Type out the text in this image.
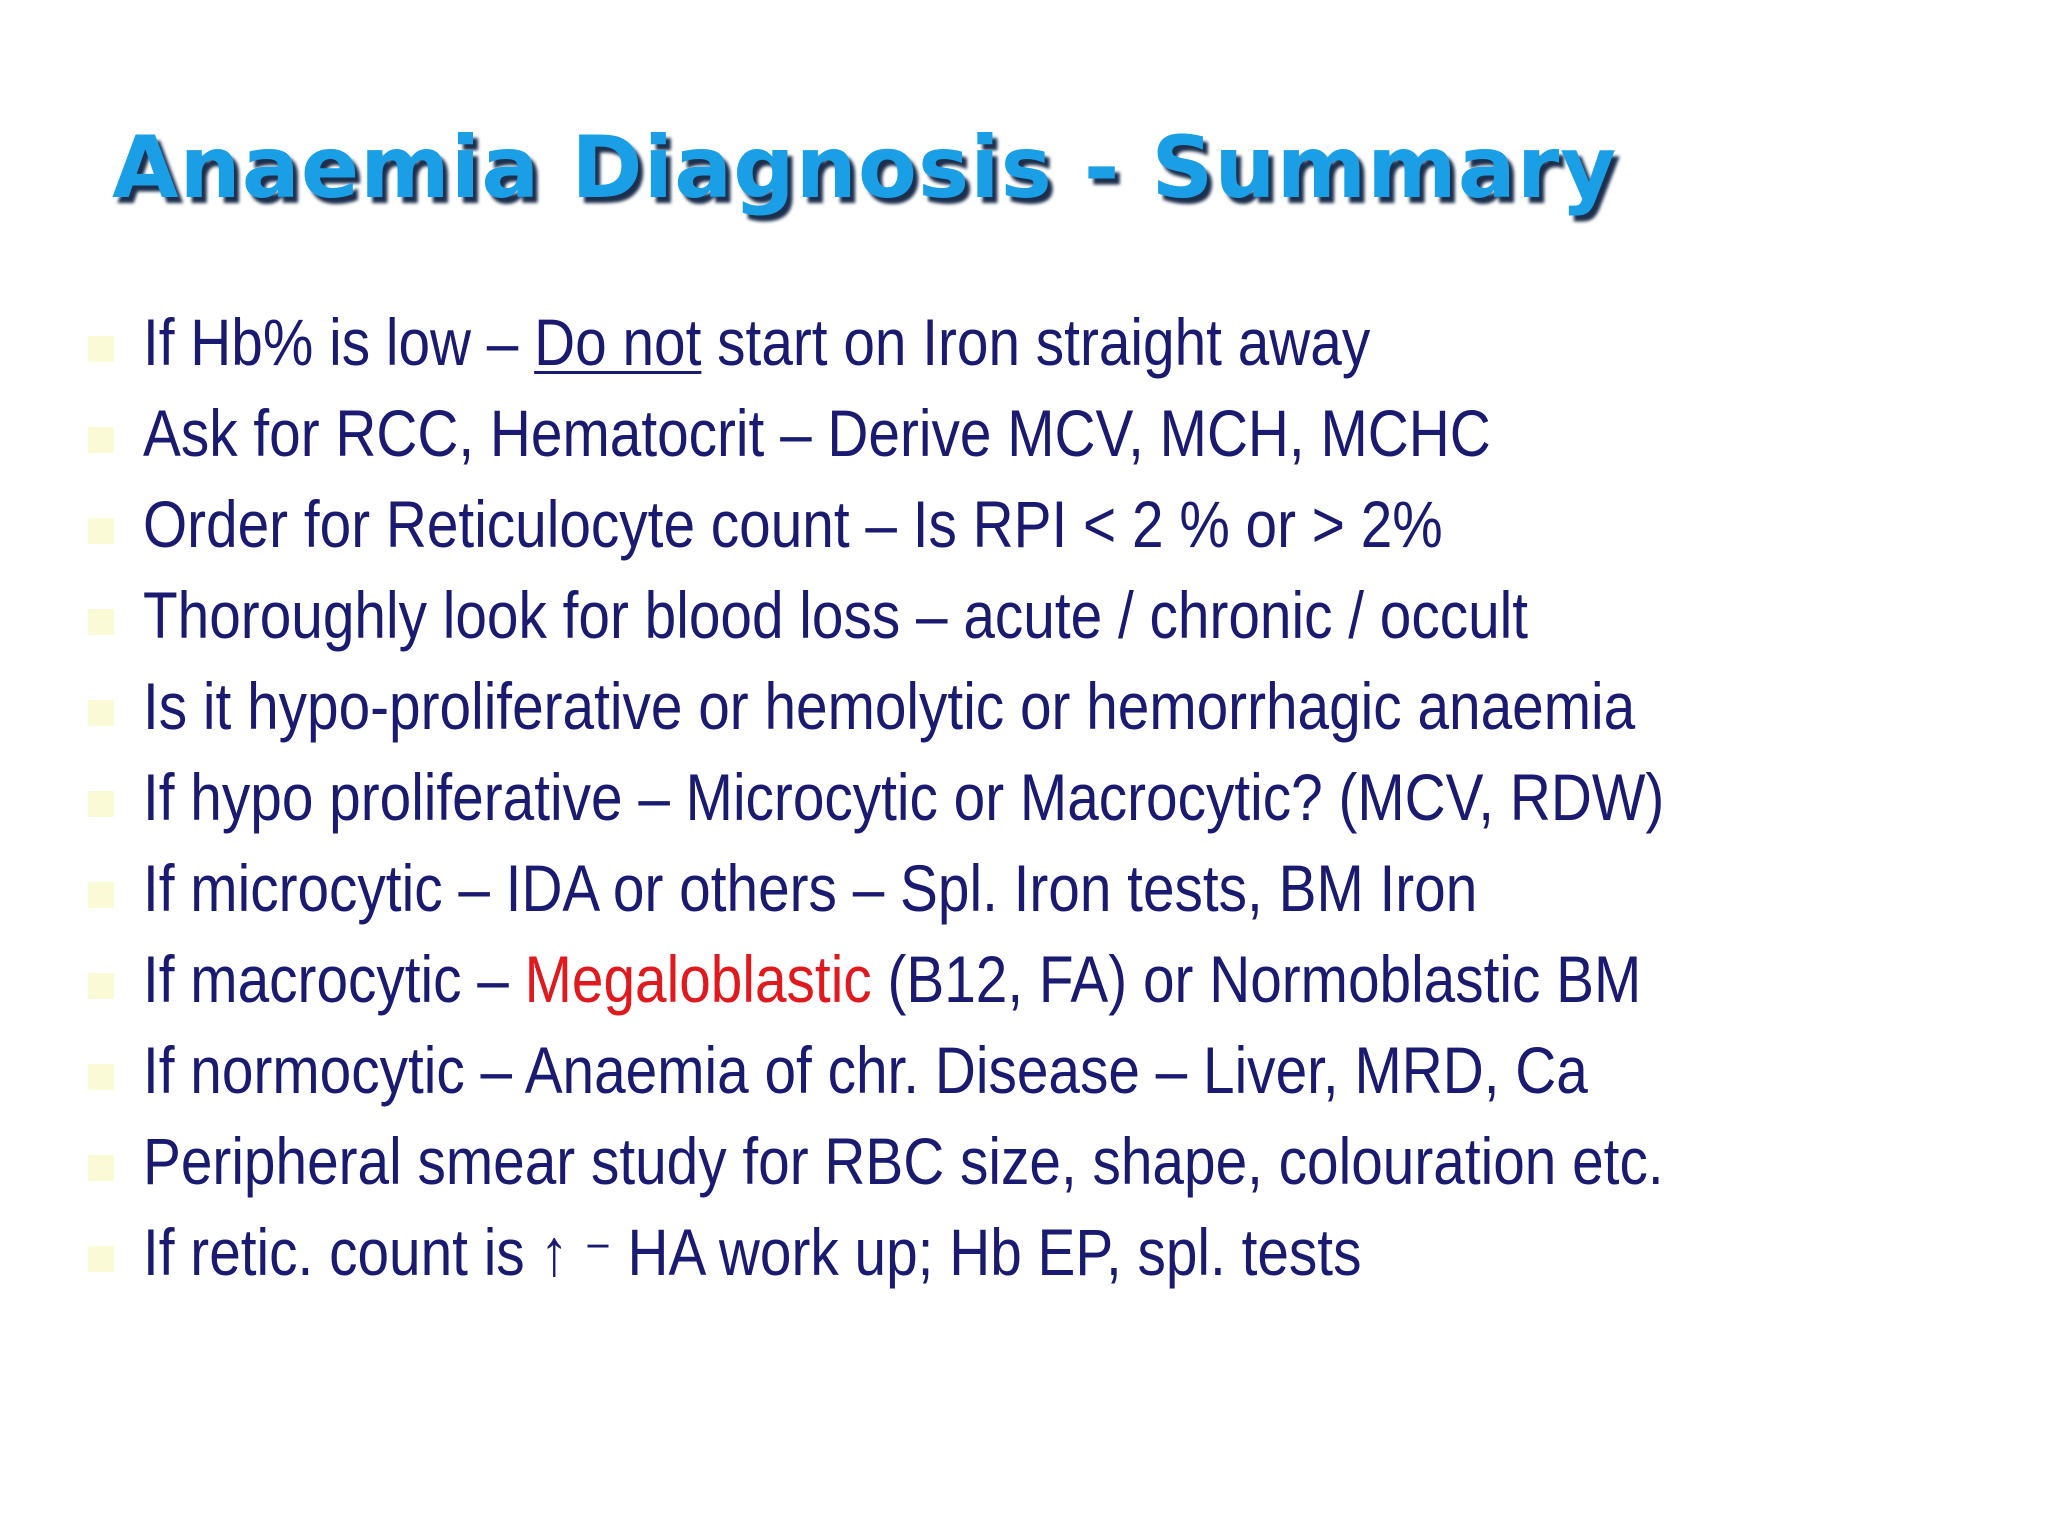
Anaemia Diagnosis - Summary
If Hb% is low – Do not start on Iron straight away
Ask for RCC, Hematocrit – Derive MCV, MCH, MCHC
Order for Reticulocyte count – Is RPI < 2 % or > 2%
Thoroughly look for blood loss – acute / chronic / occult
Is it hypo-proliferative or hemolytic or hemorrhagic anaemia
If hypo proliferative – Microcytic or Macrocytic? (MCV, RDW)
If microcytic – IDA or others – Spl. Iron tests, BM Iron
If macrocytic – Megaloblastic (B12, FA) or Normoblastic BM
If normocytic – Anaemia of chr. Disease – Liver, MRD, Ca
Peripheral smear study for RBC size, shape, colouration etc.
If retic. count is ↑ – HA work up; Hb EP, spl. tests
